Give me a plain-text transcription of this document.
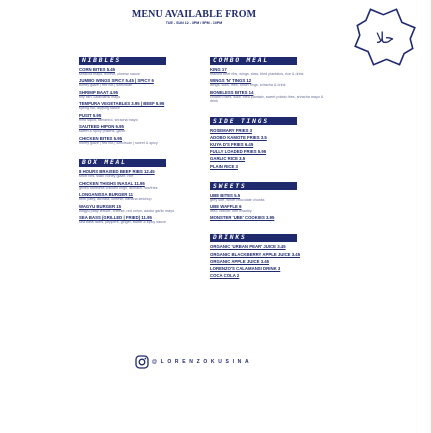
MENU AVAILABLE FROM
TUE - SUN 12 - 3PM / 5PM - 10PM
حلا
NIBBLES
CORN BITES 5.45
sriracha mayo, ecrevit, cheese sauce
JUMBO WINGS SPICY 5.45 | SPICY 6
honey glaze | red hot | szechuan
SHRIMP BAAT 4.95
tiny fish, calamansi mayo
TEMPURA VEGETABLES 3.95 | BEEF 5.95
spring roll, dipping sauce
PUSIT 5.95
fried squid, tamarind, sriracha mayo
SAUTEED HIPON 6.95
sweet & spicy prawns, garlic
CHICKEN BITES 5.95
honey glaze | red hot | szechuan | sweet & spicy
BOX MEAL
8 HOURS BRAISED BEEF RIBS 12.45
short ribs, slaw, honey glaze, rice
CHICKEN THIGHS INASAL 11.95
grilled boneless chicken thigh, atchara, rice/fries
LONGANISSA BURGER 11
beef patty, atchara, cheese, banana ketchup
WAGYU BURGER 15
wagyu patty lettuce, cheese, red onion, adobo garlic mayo
SEA BASS (GRILLED | FRIED) 11.95
sea bass fillets, peppers, ginger, sweet & spicy sauce
COMBO MEAL
KING 17
braised beef ribs, wings, slaw, fried plantains, rice & drink
WINGS 'N' TINGS 12
wings, slaw, fries, onion rings, sriracha & drink
BONELESS BITES 14
chicken bites, slaw, fried plantain, sweet potato fries, sriracha mayo & drink
SIDE TINGS
ROSEMARY FRIES 3
ADOBO KAMOTE FRIES 3.5
KUYA D'S FRIES 6.45
FULLY LOADED FRIES 5.95
GARLIC RICE 3.5
PLAIN RICE 3
SWEETS
UBE BITES 5.5
grey ube, white chocolate chunks
UBE WAFFLE 6
oreo, biscoff, ube chantily
MONSTER 'UBE' COOKIES 3.95
DRINKS
ORGANIC 'URBAN PEAR' JUICE 3.45
ORGANIC BLACKBERRY APPLE JUICE 3.45
ORGANIC APPLE JUICE 3.45
LORENZO'S CALAMANSI DRINK 3
COCA COLA 2
@LORENZOKUSINA
